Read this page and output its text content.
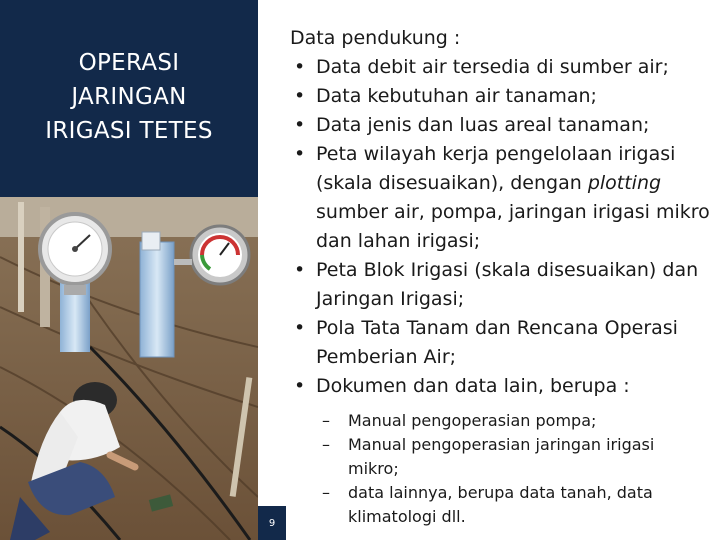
OPERASI
JARINGAN
IRIGASI TETES
9
Data pendukung :
• Data debit air tersedia di sumber air;
• Data kebutuhan air tanaman;
• Data jenis dan luas areal tanaman;
• Peta wilayah kerja pengelolaan irigasi (skala disesuaikan), dengan plotting sumber air, pompa, jaringan irigasi mikro dan lahan irigasi;
• Peta Blok Irigasi (skala disesuaikan) dan Jaringan Irigasi;
• Pola Tata Tanam dan Rencana Operasi Pemberian Air;
• Dokumen dan data lain, berupa :
– Manual pengoperasian pompa;
– Manual pengoperasian jaringan irigasi mikro;
– data lainnya, berupa data tanah, data klimatologi dll.
